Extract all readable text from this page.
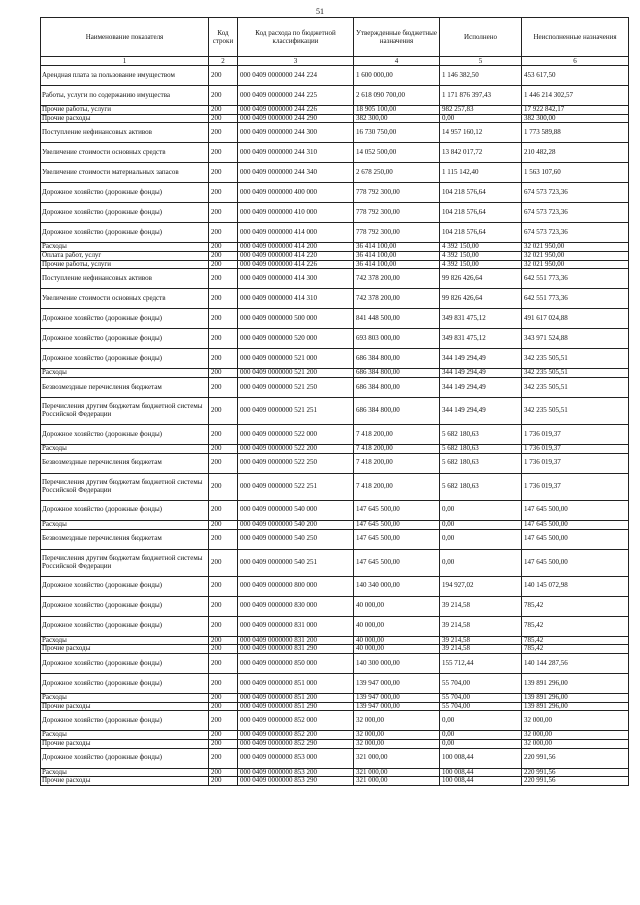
51
Наименование показателя	Код строки	Код расхода по бюджетной классификации	Утвержденные бюджетные назначения	Исполнено	Неисполненные назначения
1	2	3	4	5	6
Арендная плата за пользование имуществом	200	000 0409 0000000 244 224	1 600 000,00	1 146 382,50	453 617,50
Работы, услуги по содержанию имущества	200	000 0409 0000000 244 225	2 618 090 700,00	1 171 876 397,43	1 446 214 302,57
Прочие работы, услуги	200	000 0409 0000000 244 226	18 905 100,00	982 257,83	17 922 842,17
Прочие расходы	200	000 0409 0000000 244 290	382 300,00	0,00	382 300,00
Поступление нефинансовых активов	200	000 0409 0000000 244 300	16 730 750,00	14 957 160,12	1 773 589,88
Увеличение стоимости основных средств	200	000 0409 0000000 244 310	14 052 500,00	13 842 017,72	210 482,28
Увеличение стоимости материальных запасов	200	000 0409 0000000 244 340	2 678 250,00	1 115 142,40	1 563 107,60
Дорожное хозяйство (дорожные фонды)	200	000 0409 0000000 400 000	778 792 300,00	104 218 576,64	674 573 723,36
Дорожное хозяйство (дорожные фонды)	200	000 0409 0000000 410 000	778 792 300,00	104 218 576,64	674 573 723,36
Дорожное хозяйство (дорожные фонды)	200	000 0409 0000000 414 000	778 792 300,00	104 218 576,64	674 573 723,36
Расходы	200	000 0409 0000000 414 200	36 414 100,00	4 392 150,00	32 021 950,00
Оплата работ, услуг	200	000 0409 0000000 414 220	36 414 100,00	4 392 150,00	32 021 950,00
Прочие работы, услуги	200	000 0409 0000000 414 226	36 414 100,00	4 392 150,00	32 021 950,00
Поступление нефинансовых активов	200	000 0409 0000000 414 300	742 378 200,00	99 826 426,64	642 551 773,36
Увеличение стоимости основных средств	200	000 0409 0000000 414 310	742 378 200,00	99 826 426,64	642 551 773,36
Дорожное хозяйство (дорожные фонды)	200	000 0409 0000000 500 000	841 448 500,00	349 831 475,12	491 617 024,88
Дорожное хозяйство (дорожные фонды)	200	000 0409 0000000 520 000	693 803 000,00	349 831 475,12	343 971 524,88
Дорожное хозяйство (дорожные фонды)	200	000 0409 0000000 521 000	686 384 800,00	344 149 294,49	342 235 505,51
Расходы	200	000 0409 0000000 521 200	686 384 800,00	344 149 294,49	342 235 505,51
Безвозмездные перечисления бюджетам	200	000 0409 0000000 521 250	686 384 800,00	344 149 294,49	342 235 505,51
Перечисления другим бюджетам бюджетной системы Российской Федерации	200	000 0409 0000000 521 251	686 384 800,00	344 149 294,49	342 235 505,51
Дорожное хозяйство (дорожные фонды)	200	000 0409 0000000 522 000	7 418 200,00	5 682 180,63	1 736 019,37
Расходы	200	000 0409 0000000 522 200	7 418 200,00	5 682 180,63	1 736 019,37
Безвозмездные перечисления бюджетам	200	000 0409 0000000 522 250	7 418 200,00	5 682 180,63	1 736 019,37
Перечисления другим бюджетам бюджетной системы Российской Федерации	200	000 0409 0000000 522 251	7 418 200,00	5 682 180,63	1 736 019,37
Дорожное хозяйство (дорожные фонды)	200	000 0409 0000000 540 000	147 645 500,00	0,00	147 645 500,00
Расходы	200	000 0409 0000000 540 200	147 645 500,00	0,00	147 645 500,00
Безвозмездные перечисления бюджетам	200	000 0409 0000000 540 250	147 645 500,00	0,00	147 645 500,00
Перечисления другим бюджетам бюджетной системы Российской Федерации	200	000 0409 0000000 540 251	147 645 500,00	0,00	147 645 500,00
Дорожное хозяйство (дорожные фонды)	200	000 0409 0000000 800 000	140 340 000,00	194 927,02	140 145 072,98
Дорожное хозяйство (дорожные фонды)	200	000 0409 0000000 830 000	40 000,00	39 214,58	785,42
Дорожное хозяйство (дорожные фонды)	200	000 0409 0000000 831 000	40 000,00	39 214,58	785,42
Расходы	200	000 0409 0000000 831 200	40 000,00	39 214,58	785,42
Прочие расходы	200	000 0409 0000000 831 290	40 000,00	39 214,58	785,42
Дорожное хозяйство (дорожные фонды)	200	000 0409 0000000 850 000	140 300 000,00	155 712,44	140 144 287,56
Дорожное хозяйство (дорожные фонды)	200	000 0409 0000000 851 000	139 947 000,00	55 704,00	139 891 296,00
Расходы	200	000 0409 0000000 851 200	139 947 000,00	55 704,00	139 891 296,00
Прочие расходы	200	000 0409 0000000 851 290	139 947 000,00	55 704,00	139 891 296,00
Дорожное хозяйство (дорожные фонды)	200	000 0409 0000000 852 000	32 000,00	0,00	32 000,00
Расходы	200	000 0409 0000000 852 200	32 000,00	0,00	32 000,00
Прочие расходы	200	000 0409 0000000 852 290	32 000,00	0,00	32 000,00
Дорожное хозяйство (дорожные фонды)	200	000 0409 0000000 853 000	321 000,00	100 008,44	220 991,56
Расходы	200	000 0409 0000000 853 200	321 000,00	100 008,44	220 991,56
Прочие расходы	200	000 0409 0000000 853 290	321 000,00	100 008,44	220 991,56
